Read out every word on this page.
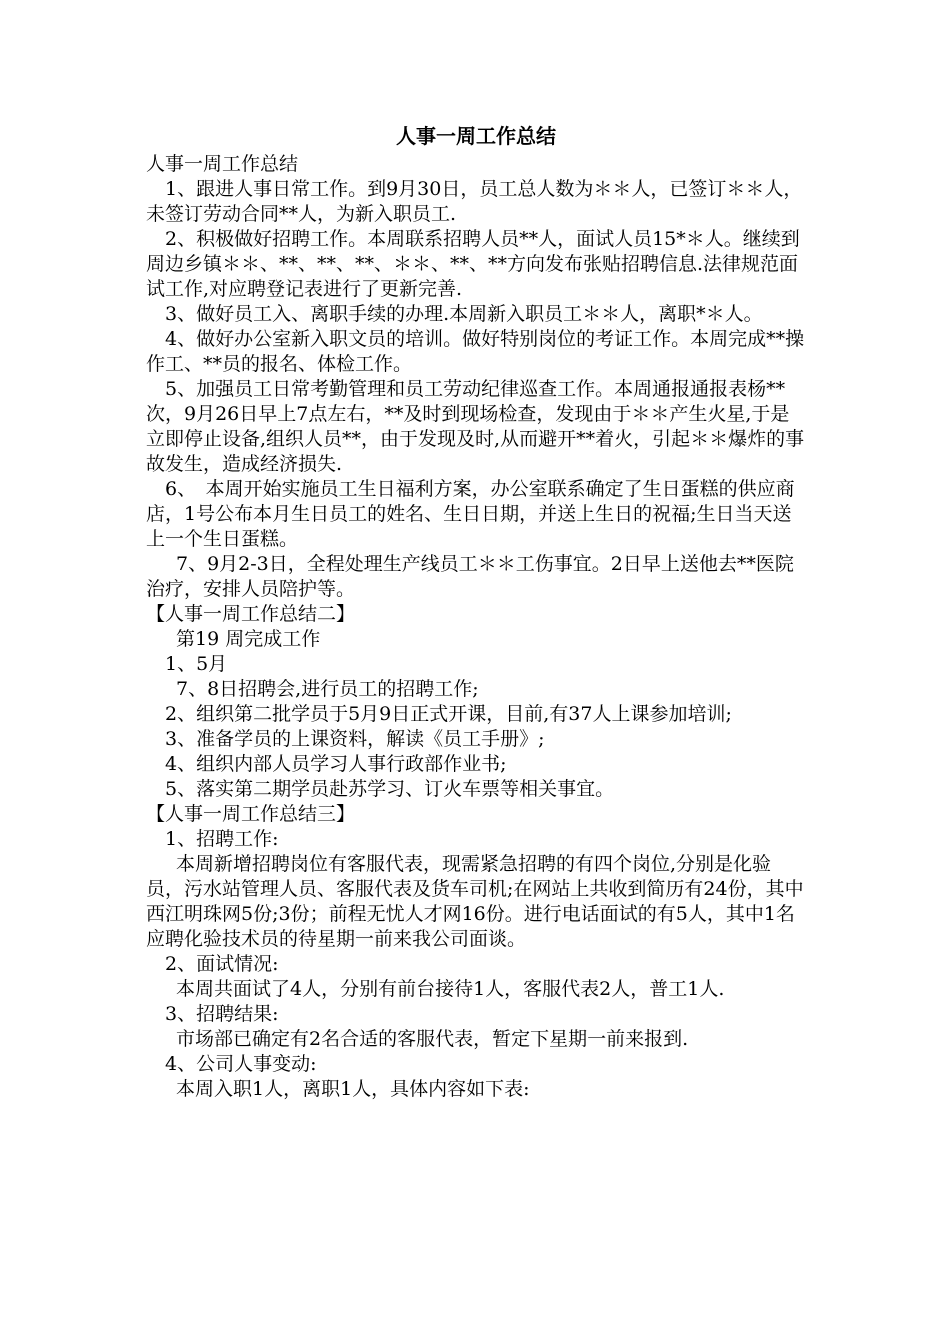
人事一周工作总结

人事一周工作总结

1、跟进人事日常工作。到9月30日，员工总人数为＊＊人，已签订＊＊人，未签订劳动合同**人，为新入职员工.

2、积极做好招聘工作。本周联系招聘人员**人，面试人员15*＊人。继续到周边乡镇＊＊、**、**、**、＊＊、**、**方向发布张贴招聘信息.法律规范面试工作,对应聘登记表进行了更新完善.

3、做好员工入、离职手续的办理.本周新入职员工＊＊人，离职*＊人。

4、做好办公室新入职文员的培训。做好特别岗位的考证工作。本周完成**操作工、**员的报名、体检工作。

5、加强员工日常考勤管理和员工劳动纪律巡查工作。本周通报通报表杨**次，9月26日早上7点左右，**及时到现场检查，发现由于＊＊产生火星,于是立即停止设备,组织人员**，由于发现及时,从而避开**着火，引起＊＊爆炸的事故发生，造成经济损失.

6、　本周开始实施员工生日福利方案，办公室联系确定了生日蛋糕的供应商店，1号公布本月生日员工的姓名、生日日期，并送上生日的祝福;生日当天送上一个生日蛋糕。

7、9月2-3日，全程处理生产线员工＊＊工伤事宜。2日早上送他去**医院治疗，安排人员陪护等。

【人事一周工作总结二】

第19 周完成工作

1、5月

7、8日招聘会,进行员工的招聘工作;

2、组织第二批学员于5月9日正式开课，目前,有37人上课参加培训;

3、准备学员的上课资料，解读《员工手册》;

4、组织内部人员学习人事行政部作业书;

5、落实第二期学员赴苏学习、订火车票等相关事宜。

【人事一周工作总结三】

1、招聘工作:

本周新增招聘岗位有客服代表，现需紧急招聘的有四个岗位,分别是化验员，污水站管理人员、客服代表及货车司机;在网站上共收到简历有24份，其中西江明珠网5份;3份；前程无忧人才网16份。进行电话面试的有5人，其中1名应聘化验技术员的待星期一前来我公司面谈。

2、面试情况:

本周共面试了4人，分别有前台接待1人，客服代表2人，普工1人.

3、招聘结果:

市场部已确定有2名合适的客服代表，暂定下星期一前来报到.

4、公司人事变动:

本周入职1人，离职1人，具体内容如下表:
